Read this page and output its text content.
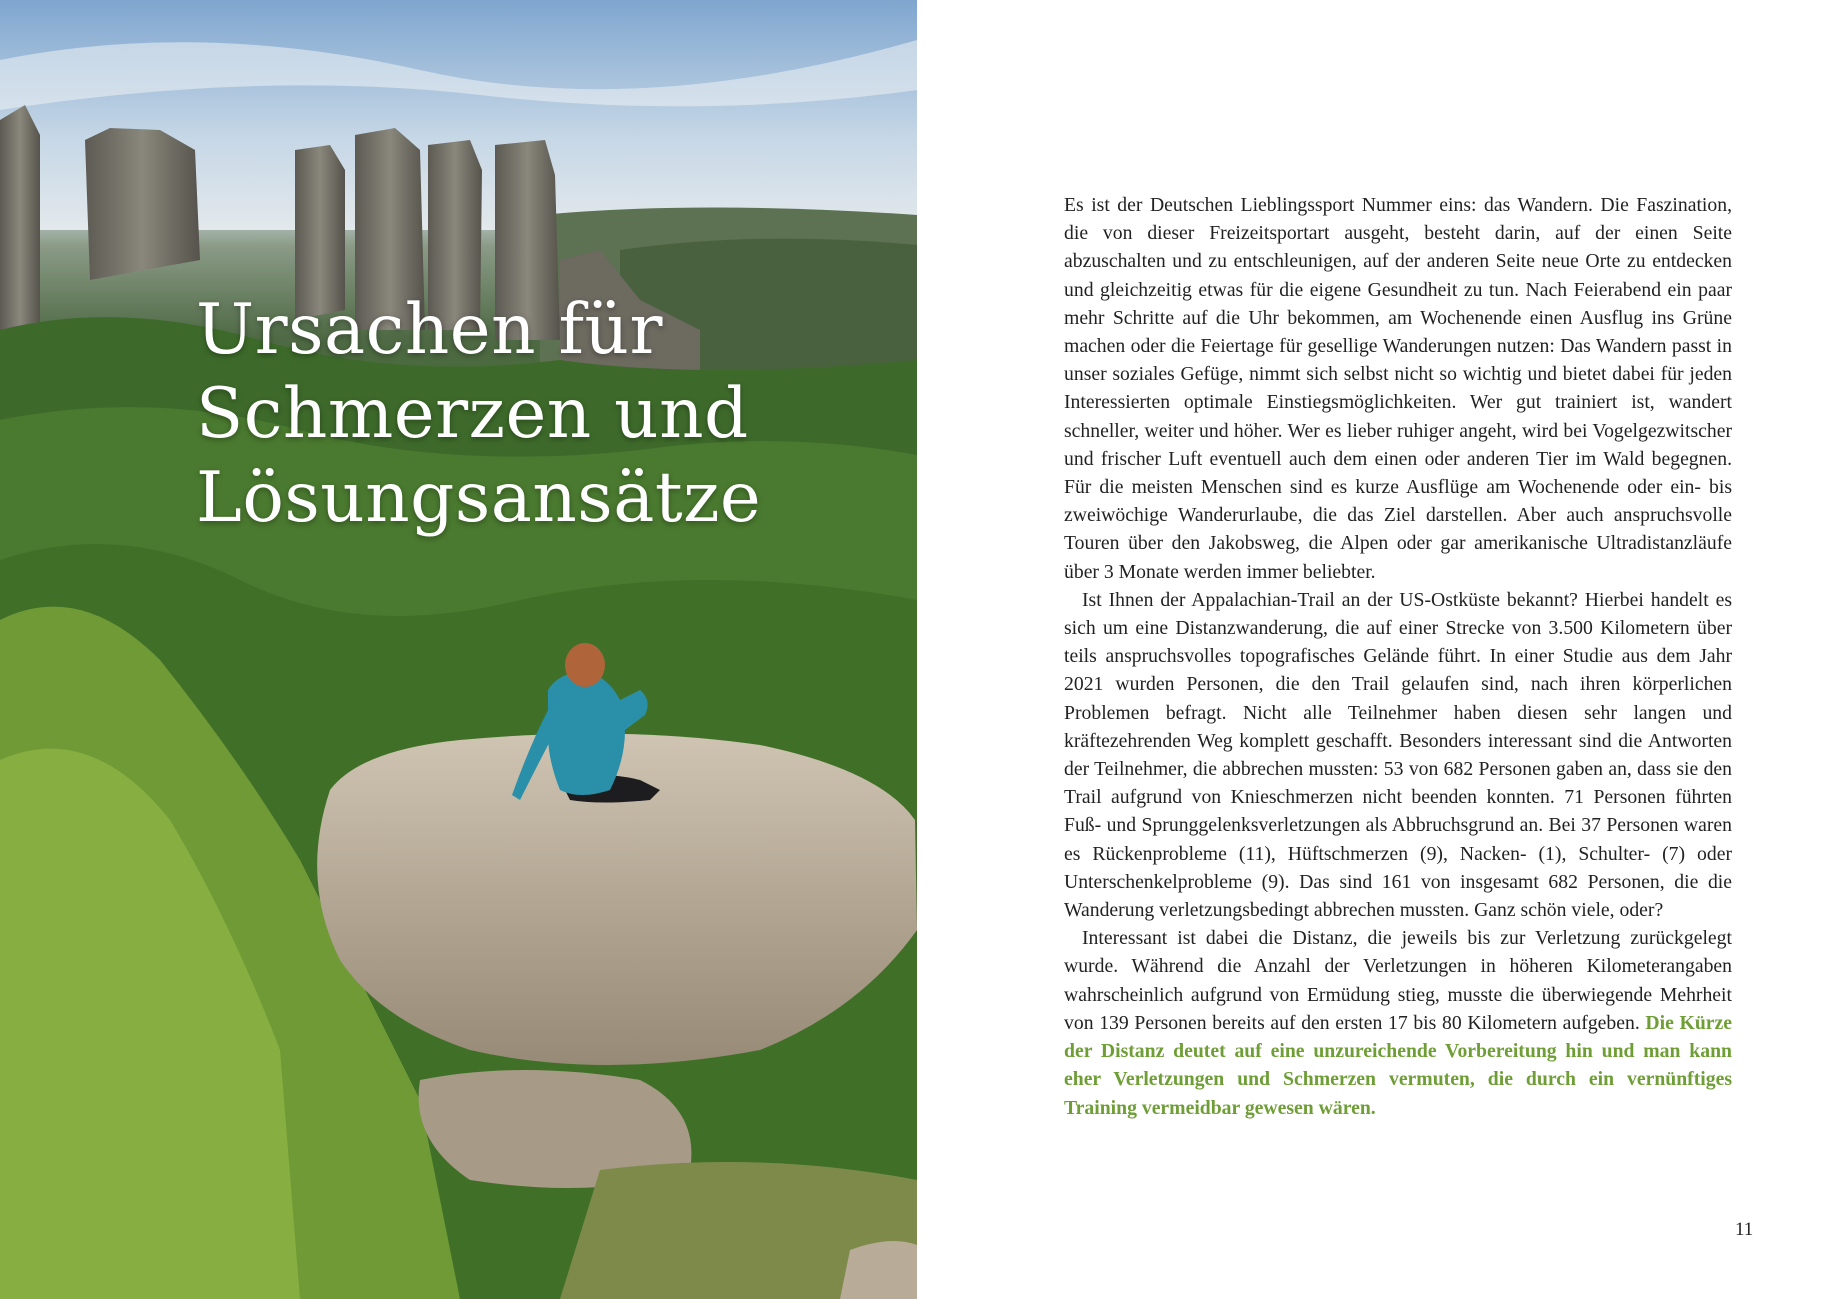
Ursachen für
Schmerzen und
Lösungsansätze

Es ist der Deutschen Lieblingssport Nummer eins: das Wandern. Die Faszination, die von dieser Freizeitsportart ausgeht, besteht darin, auf der einen Seite abzuschalten und zu entschleunigen, auf der anderen Seite neue Orte zu entdecken und gleichzeitig etwas für die eigene Gesundheit zu tun. Nach Feierabend ein paar mehr Schritte auf die Uhr bekommen, am Wochenende einen Ausflug ins Grüne machen oder die Feiertage für gesellige Wanderungen nutzen: Das Wandern passt in unser soziales Gefüge, nimmt sich selbst nicht so wichtig und bietet dabei für jeden Interessierten optimale Einstiegsmöglichkeiten. Wer gut trainiert ist, wandert schneller, weiter und höher. Wer es lieber ruhiger angeht, wird bei Vogelgezwitscher und frischer Luft eventuell auch dem einen oder anderen Tier im Wald begegnen. Für die meisten Menschen sind es kurze Ausflüge am Wochenende oder ein- bis zweiwöchige Wanderurlaube, die das Ziel darstellen. Aber auch anspruchsvolle Touren über den Jakobsweg, die Alpen oder gar amerikanische Ultradistanzläufe über 3 Monate werden immer beliebter.

Ist Ihnen der Appalachian-Trail an der US-Ostküste bekannt? Hierbei handelt es sich um eine Distanzwanderung, die auf einer Strecke von 3.500 Kilometern über teils anspruchsvolles topografisches Gelände führt. In einer Studie aus dem Jahr 2021 wurden Personen, die den Trail gelaufen sind, nach ihren körperlichen Problemen befragt. Nicht alle Teilnehmer haben diesen sehr langen und kräftezehrenden Weg komplett geschafft. Besonders interessant sind die Antworten der Teilnehmer, die abbrechen mussten: 53 von 682 Personen gaben an, dass sie den Trail aufgrund von Knieschmerzen nicht beenden konnten. 71 Personen führten Fuß- und Sprunggelenksverletzungen als Abbruchsgrund an. Bei 37 Personen waren es Rückenprobleme (11), Hüftschmerzen (9), Nacken- (1), Schulter- (7) oder Unterschenkelprobleme (9). Das sind 161 von insgesamt 682 Personen, die die Wanderung verletzungsbedingt abbrechen mussten. Ganz schön viele, oder?

Interessant ist dabei die Distanz, die jeweils bis zur Verletzung zurückgelegt wurde. Während die Anzahl der Verletzungen in höheren Kilometerangaben wahrscheinlich aufgrund von Ermüdung stieg, musste die überwiegende Mehrheit von 139 Personen bereits auf den ersten 17 bis 80 Kilometern aufgeben. Die Kürze der Distanz deutet auf eine unzureichende Vorbereitung hin und man kann eher Verletzungen und Schmerzen vermuten, die durch ein vernünftiges Training vermeidbar gewesen wären.

11
